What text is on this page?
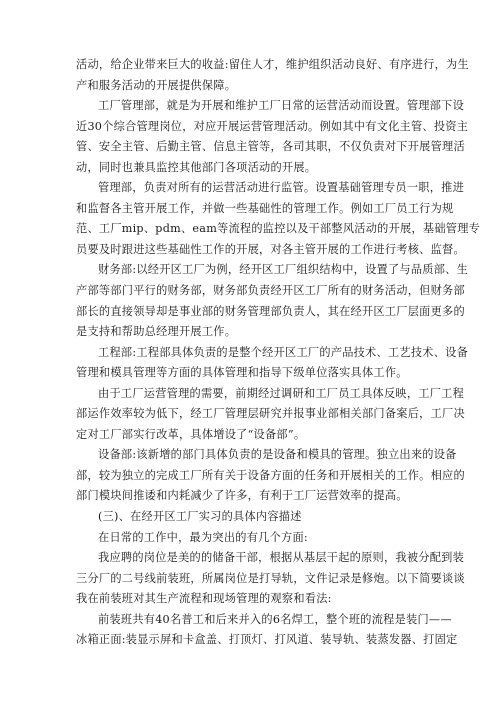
活动，给企业带来巨大的收益:留住人才，维护组织活动良好、有序进行，为生
产和服务活动的开展提供保障。
工厂管理部，就是为开展和维护工厂日常的运营活动而设置。管理部下设
近30个综合管理岗位，对应开展运营管理活动。例如其中有文化主管、投资主
管、安全主管、后勤主管、信息主管等，各司其职，不仅负责对下开展管理活
动，同时也兼具监控其他部门各项活动的开展。
管理部，负责对所有的运营活动进行监管。设置基础管理专员一职，推进
和监督各主管开展工作，并做一些基础性的管理工作。例如工厂员工行为规
范、工厂mip、pdm、eam等流程的监控以及干部整风活动的开展，基础管理专
员要及时跟进这些基础性工作的开展，对各主管开展的工作进行考核、监督。
财务部:以经开区工厂为例，经开区工厂组织结构中，设置了与品质部、生
产部等部门平行的财务部，财务部负责经开区工厂所有的财务活动，但财务部
部长的直接领导却是事业部的财务管理部负责人，其在经开区工厂层面更多的
是支持和帮助总经理开展工作。
工程部:工程部具体负责的是整个经开区工厂的产品技术、工艺技术、设备
管理和模具管理等方面的具体管理和指导下级单位落实具体工作。
由于工厂运营管理的需要，前期经过调研和工厂员工具体反映，工厂工程
部运作效率较为低下，经工厂管理层研究并报事业部相关部门备案后，工厂决
定对工厂部实行改革，具体增设了“设备部”。
设备部:该新增的部门具体负责的是设备和模具的管理。独立出来的设备
部，较为独立的完成工厂所有关于设备方面的任务和开展相关的工作。相应的
部门模块间推诿和内耗减少了许多，有利于工厂运营效率的提高。
(三)、在经开区工厂实习的具体内容描述
在日常的工作中，最为突出的有几个方面:
我应聘的岗位是美的的储备干部，根据从基层干起的原则，我被分配到装
三分厂的二号线前装班，所属岗位是打导轨，文件记录是修炮。以下简要谈谈
我在前装班对其生产流程和现场管理的观察和看法:
前装班共有40名普工和后来并入的6名焊工，整个班的流程是装门——
冰箱正面:装显示屏和卡盒盖、打顶灯、打风道、装导轨、装蒸发器、打固定
